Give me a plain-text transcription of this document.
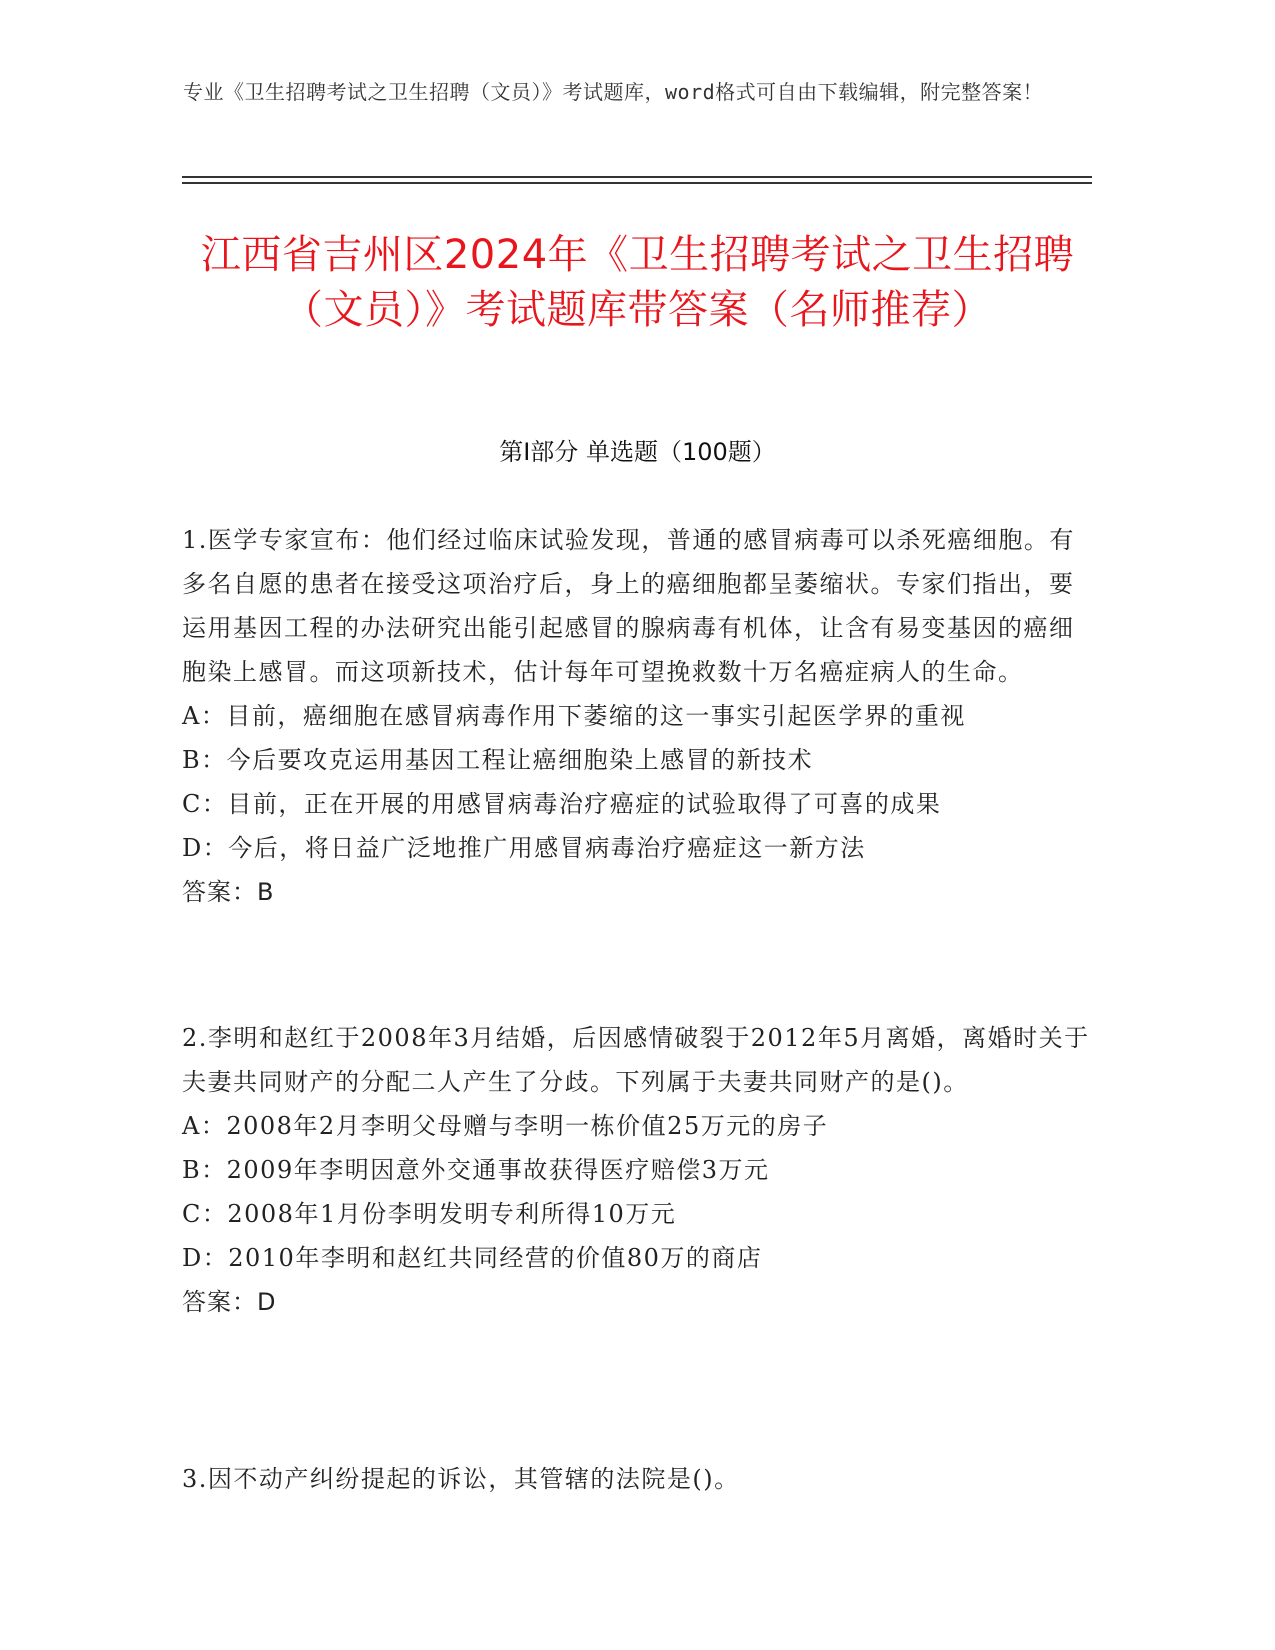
专业《卫生招聘考试之卫生招聘（文员）》考试题库，word格式可自由下载编辑，附完整答案！
江西省吉州区2024年《卫生招聘考试之卫生招聘（文员）》考试题库带答案（名师推荐）
第I部分 单选题（100题）

1.医学专家宣布：他们经过临床试验发现，普通的感冒病毒可以杀死癌细胞。有多名自愿的患者在接受这项治疗后，身上的癌细胞都呈萎缩状。专家们指出，要运用基因工程的办法研究出能引起感冒的腺病毒有机体，让含有易变基因的癌细胞染上感冒。而这项新技术，估计每年可望挽救数十万名癌症病人的生命。

A：目前，癌细胞在感冒病毒作用下萎缩的这一事实引起医学界的重视

B：今后要攻克运用基因工程让癌细胞染上感冒的新技术

C：目前，正在开展的用感冒病毒治疗癌症的试验取得了可喜的成果

D：今后，将日益广泛地推广用感冒病毒治疗癌症这一新方法

答案：B

2.李明和赵红于2008年3月结婚，后因感情破裂于2012年5月离婚，离婚时关于夫妻共同财产的分配二人产生了分歧。下列属于夫妻共同财产的是()。

A：2008年2月李明父母赠与李明一栋价值25万元的房子

B：2009年李明因意外交通事故获得医疗赔偿3万元

C：2008年1月份李明发明专利所得10万元

D：2010年李明和赵红共同经营的价值80万的商店

答案：D

3.因不动产纠纷提起的诉讼，其管辖的法院是()。
